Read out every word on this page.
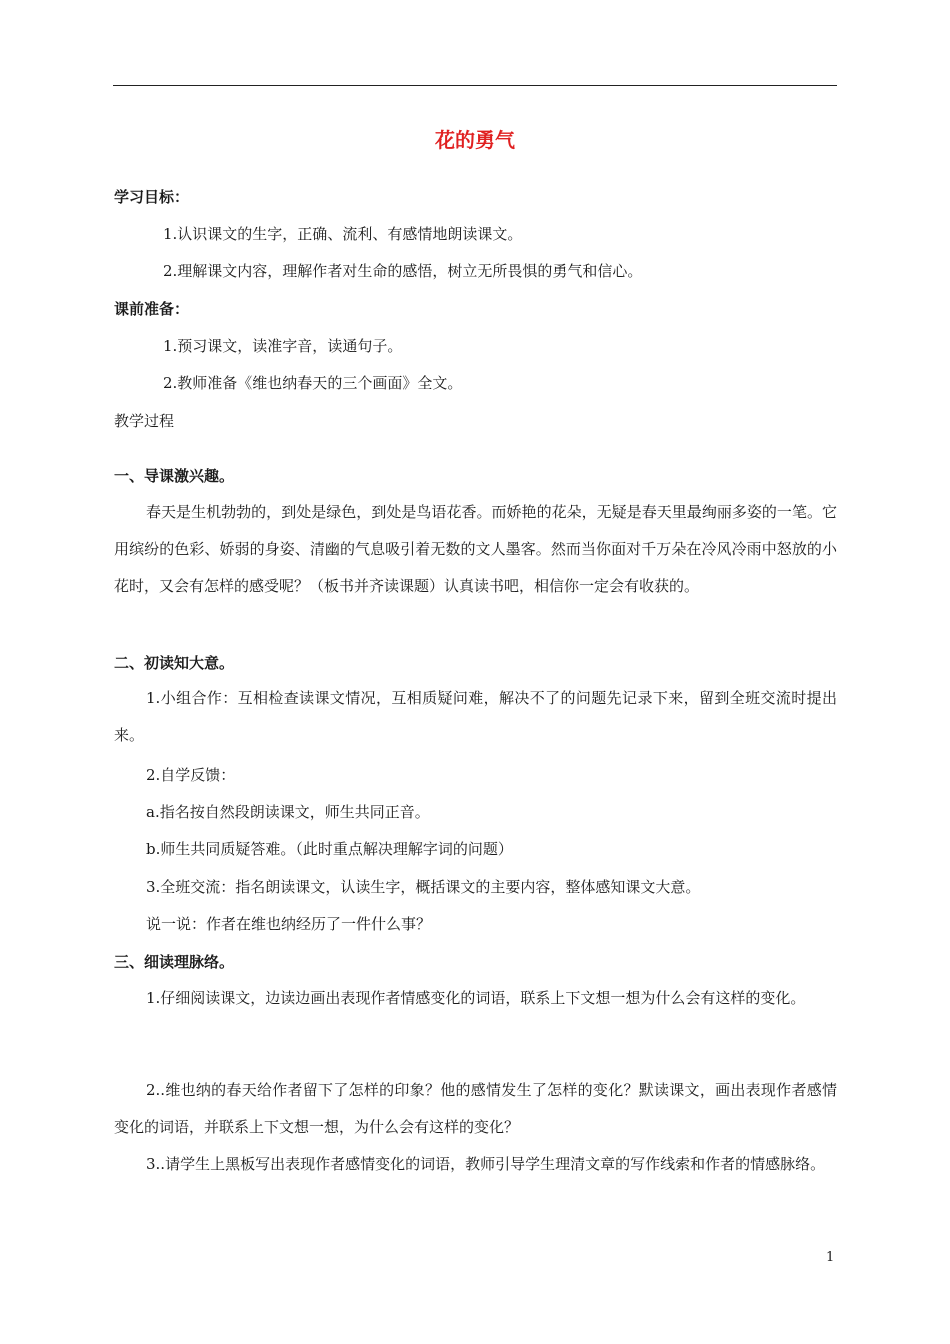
花的勇气

学习目标：

1.认识课文的生字，正确、流利、有感情地朗读课文。

2.理解课文内容，理解作者对生命的感悟，树立无所畏惧的勇气和信心。

课前准备：

1.预习课文，读准字音，读通句子。

2.教师准备《维也纳春天的三个画面》全文。

教学过程

一、导课激兴趣。

春天是生机勃勃的，到处是绿色，到处是鸟语花香。而娇艳的花朵，无疑是春天里最绚丽多姿的一笔。它用缤纷的色彩、娇弱的身姿、清幽的气息吸引着无数的文人墨客。然而当你面对千万朵在冷风冷雨中怒放的小花时，又会有怎样的感受呢？（板书并齐读课题）认真读书吧，相信你一定会有收获的。

二、初读知大意。

1.小组合作：互相检查读课文情况，互相质疑问难，解决不了的问题先记录下来，留到全班交流时提出来。

2.自学反馈：

a.指名按自然段朗读课文，师生共同正音。

b.师生共同质疑答难。（此时重点解决理解字词的问题）

3.全班交流：指名朗读课文，认读生字，概括课文的主要内容，整体感知课文大意。

说一说：作者在维也纳经历了一件什么事？

三、细读理脉络。

1.仔细阅读课文，边读边画出表现作者情感变化的词语，联系上下文想一想为什么会有这样的变化。

2..维也纳的春天给作者留下了怎样的印象？他的感情发生了怎样的变化？默读课文，画出表现作者感情变化的词语，并联系上下文想一想，为什么会有这样的变化？

3..请学生上黑板写出表现作者感情变化的词语，教师引导学生理清文章的写作线索和作者的情感脉络。

1
